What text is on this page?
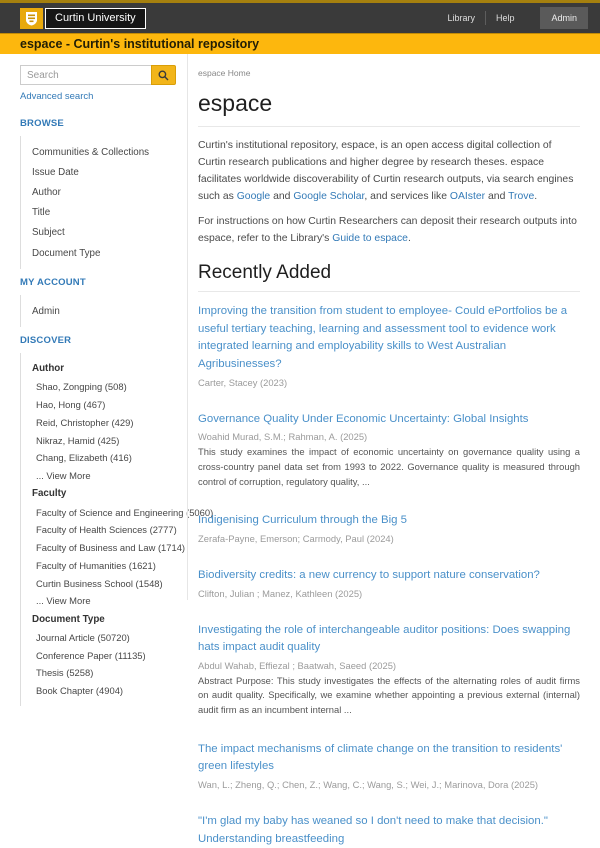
Curtin University	Library	Help	Admin
espace - Curtin's institutional repository
Search
Advanced search
BROWSE
Communities & Collections
Issue Date
Author
Title
Subject
Document Type
MY ACCOUNT
Admin
DISCOVER
Author
Shao, Zongping (508)
Hao, Hong (467)
Reid, Christopher (429)
Nikraz, Hamid (425)
Chang, Elizabeth (416)
... View More
Faculty
Faculty of Science and Engineering (5060)
Faculty of Health Sciences (2777)
Faculty of Business and Law (1714)
Faculty of Humanities (1621)
Curtin Business School (1548)
... View More
Document Type
Journal Article (50720)
Conference Paper (11135)
Thesis (5258)
Book Chapter (4904)
espace Home
espace

Curtin's institutional repository, espace, is an open access digital collection of Curtin research publications and higher degree by research theses. espace facilitates worldwide discoverability of Curtin research outputs, via search engines such as Google and Google Scholar, and services like OAIster and Trove.

For instructions on how Curtin Researchers can deposit their research outputs into espace, refer to the Library's Guide to espace.

Recently Added
Improving the transition from student to employee- Could ePortfolios be a useful tertiary teaching, learning and assessment tool to evidence work integrated learning and employability skills to West Australian Agribusinesses?
Carter, Stacey (2023)
Governance Quality Under Economic Uncertainty: Global Insights
Woahid Murad, S.M.; Rahman, A. (2025)
This study examines the impact of economic uncertainty on governance quality using a cross-country panel data set from 1993 to 2022. Governance quality is measured through control of corruption, regulatory quality, ...
Indigenising Curriculum through the Big 5
Zerafa-Payne, Emerson; Carmody, Paul (2024)
Biodiversity credits: a new currency to support nature conservation?
Clifton, Julian ; Manez, Kathleen (2025)
Investigating the role of interchangeable auditor positions: Does swapping hats impact audit quality
Abdul Wahab, Effiezal ; Baatwah, Saeed (2025)
Abstract Purpose: This study investigates the effects of the alternating roles of audit firms on audit quality. Specifically, we examine whether appointing a previous external (internal) audit firm as an incumbent internal ...
The impact mechanisms of climate change on the transition to residents' green lifestyles
Wan, L.; Zheng, Q.; Chen, Z.; Wang, C.; Wang, S.; Wei, J.; Marinova, Dora (2025)
"I'm glad my baby has weaned so I don't need to make that decision." Understanding breastfeeding
